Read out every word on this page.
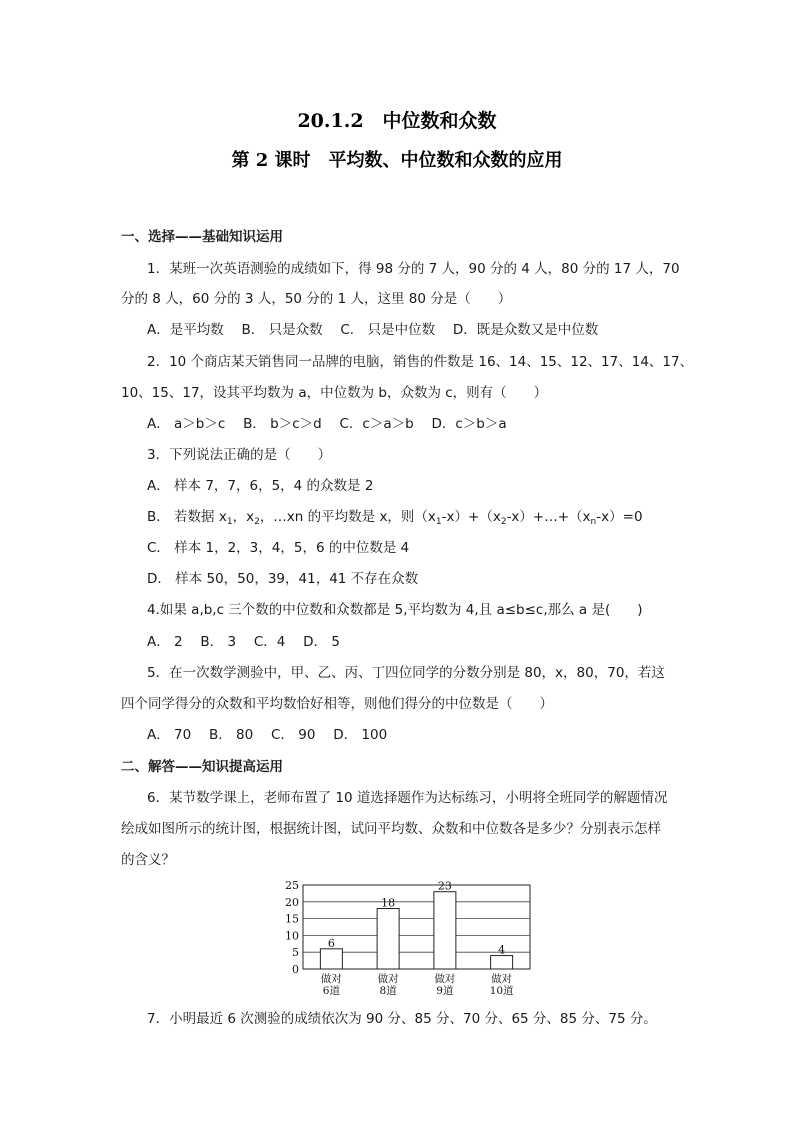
20.1.2　中位数和众数
第 2 课时　平均数、中位数和众数的应用
一、选择——基础知识运用
1．某班一次英语测验的成绩如下，得 98 分的 7 人，90 分的 4 人，80 分的 17 人，70
分的 8 人，60 分的 3 人，50 分的 1 人，这里 80 分是（　　）
A．是平均数　 B． 只是众数　 C． 只是中位数　 D．既是众数又是中位数
2．10 个商店某天销售同一品牌的电脑，销售的件数是 16、14、15、12、17、14、17、
10、15、17，设其平均数为 a，中位数为 b，众数为 c，则有（　　）
A． a＞b＞c　 B． b＞c＞d　 C．c＞a＞b　 D．c＞b＞a
3．下列说法正确的是（　　）
A． 样本 7，7，6，5，4 的众数是 2
B． 若数据 $x_1$，$x_2$，…xn 的平均数是 x，则$(x_1-x)+(x_2-x)+\dots+(x_n-x)=0$
C． 样本 1，2，3，4，5，6 的中位数是 4
D． 样本 50，50，39，41，41 不存在众数
4.如果 a,b,c 三个数的中位数和众数都是 5,平均数为 4,且 a≤b≤c,那么 a 是(　　)
A． 2　 B． 3　 C．4　 D． 5
5．在一次数学测验中，甲、乙、丙、丁四位同学的分数分别是 80，x，80，70，若这
四个同学得分的众数和平均数恰好相等，则他们得分的中位数是（　　）
A． 70　 B． 80　 C． 90　 D． 100
二、解答——知识提高运用
6．某节数学课上，老师布置了 10 道选择题作为达标练习，小明将全班同学的解题情况
绘成如图所示的统计图，根据统计图，试问平均数、众数和中位数各是多少？分别表示怎样
的含义？
0
5
10
15
20
25
6
做对
6道
18
做对
8道
23
做对
9道
4
做对
10道
7．小明最近 6 次测验的成绩依次为 90 分、85 分、70 分、65 分、85 分、75 分。
